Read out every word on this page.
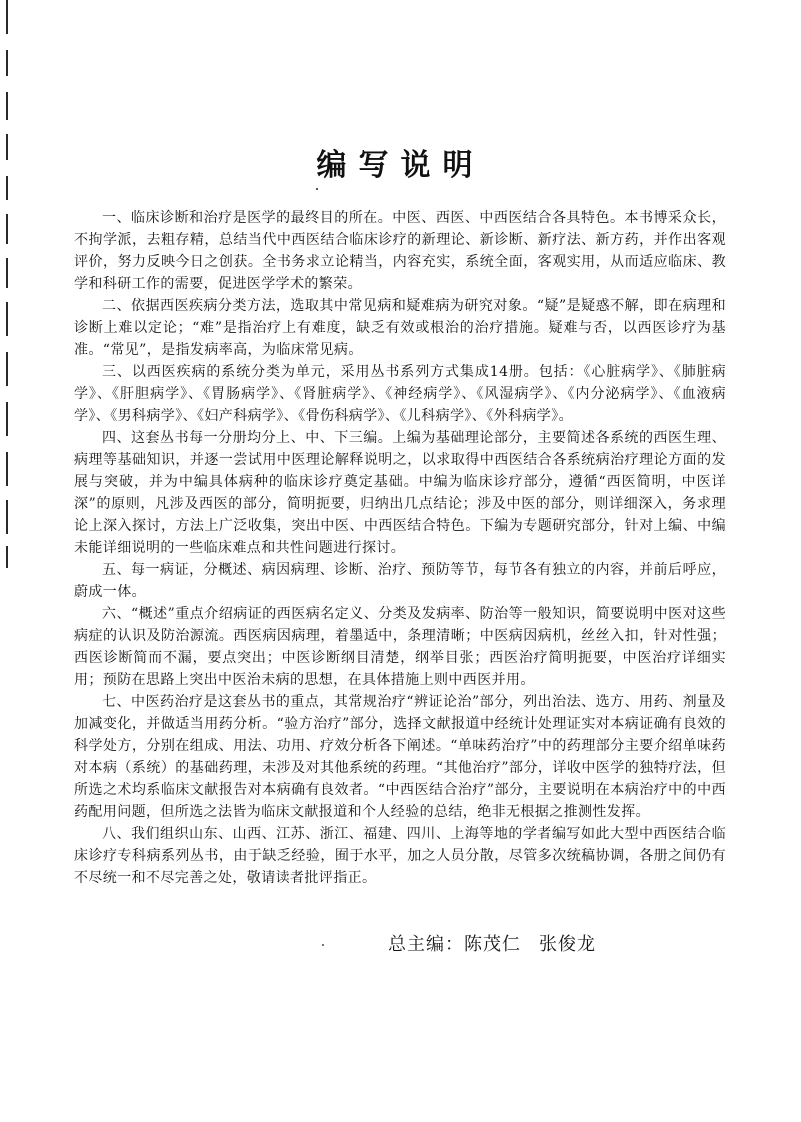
编写说明

一、临床诊断和治疗是医学的最终目的所在。中医、西医、中西医结合各具特色。本书博采众长，不拘学派，去粗存精，总结当代中西医结合临床诊疗的新理论、新诊断、新疗法、新方药，并作出客观评价，努力反映今日之创获。全书务求立论精当，内容充实，系统全面，客观实用，从而适应临床、教学和科研工作的需要，促进医学学术的繁荣。

二、依据西医疾病分类方法，选取其中常见病和疑难病为研究对象。“疑”是疑惑不解，即在病理和诊断上难以定论；“难”是指治疗上有难度，缺乏有效或根治的治疗措施。疑难与否，以西医诊疗为基准。“常见”，是指发病率高，为临床常见病。

三、以西医疾病的系统分类为单元，采用丛书系列方式集成14册。包括：《心脏病学》、《肺脏病学》、《肝胆病学》、《胃肠病学》、《肾脏病学》、《神经病学》、《风湿病学》、《内分泌病学》、《血液病学》、《男科病学》、《妇产科病学》、《骨伤科病学》、《儿科病学》、《外科病学》。

四、这套丛书每一分册均分上、中、下三编。上编为基础理论部分，主要简述各系统的西医生理、病理等基础知识，并逐一尝试用中医理论解释说明之，以求取得中西医结合各系统病治疗理论方面的发展与突破，并为中编具体病种的临床诊疗奠定基础。中编为临床诊疗部分，遵循“西医简明，中医详深”的原则，凡涉及西医的部分，简明扼要，归纳出几点结论；涉及中医的部分，则详细深入，务求理论上深入探讨，方法上广泛收集，突出中医、中西医结合特色。下编为专题研究部分，针对上编、中编未能详细说明的一些临床难点和共性问题进行探讨。

五、每一病证，分概述、病因病理、诊断、治疗、预防等节，每节各有独立的内容，并前后呼应，蔚成一体。

六、“概述”重点介绍病证的西医病名定义、分类及发病率、防治等一般知识，简要说明中医对这些病症的认识及防治源流。西医病因病理，着墨适中，条理清晰；中医病因病机，丝丝入扣，针对性强；西医诊断简而不漏，要点突出；中医诊断纲目清楚，纲举目张；西医治疗简明扼要，中医治疗详细实用；预防在思路上突出中医治未病的思想，在具体措施上则中西医并用。

七、中医药治疗是这套丛书的重点，其常规治疗“辨证论治”部分，列出治法、选方、用药、剂量及加减变化，并做适当用药分析。“验方治疗”部分，选择文献报道中经统计处理证实对本病证确有良效的科学处方，分别在组成、用法、功用、疗效分析各下阐述。“单味药治疗”中的药理部分主要介绍单味药对本病（系统）的基础药理，未涉及对其他系统的药理。“其他治疗”部分，详收中医学的独特疗法，但所选之术均系临床文献报告对本病确有良效者。“中西医结合治疗”部分，主要说明在本病治疗中的中西药配用问题，但所选之法皆为临床文献报道和个人经验的总结，绝非无根据之推测性发挥。

八、我们组织山东、山西、江苏、浙江、福建、四川、上海等地的学者编写如此大型中西医结合临床诊疗专科病系列丛书，由于缺乏经验，囿于水平，加之人员分散，尽管多次统稿协调，各册之间仍有不尽统一和不尽完善之处，敬请读者批评指正。

总主编：陈茂仁 张俊龙
